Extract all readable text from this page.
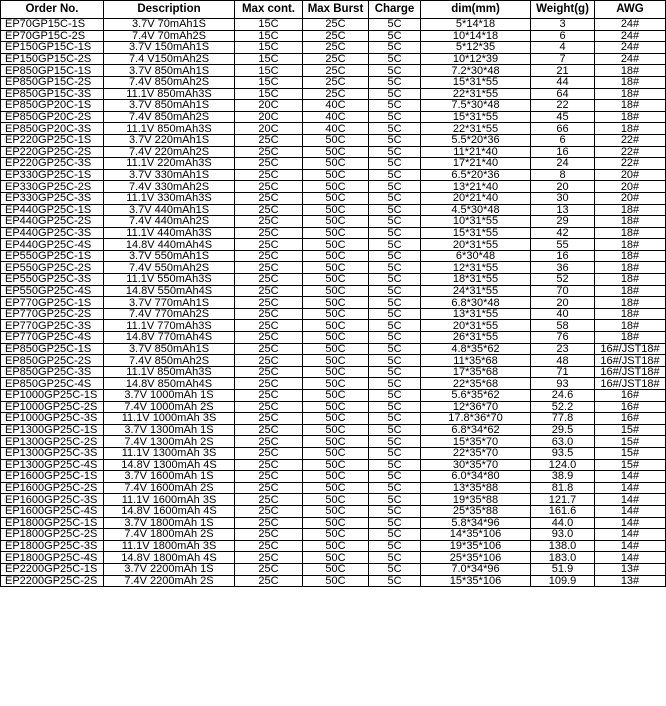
Order No.	Description	Max cont.	Max Burst	Charge	dim(mm)	Weight(g)	AWG
EP70GP15C-1S	3.7V 70mAh1S	15C	25C	5C	5*14*18	3	24#
EP70GP15C-2S	7.4V 70mAh2S	15C	25C	5C	10*14*18	6	24#
EP150GP15C-1S	3.7V 150mAh1S	15C	25C	5C	5*12*35	4	24#
EP150GP15C-2S	7.4 V150mAh2S	15C	25C	5C	10*12*39	7	24#
EP850GP15C-1S	3.7V 850mAh1S	15C	25C	5C	7.2*30*48	21	18#
EP850GP15C-2S	7.4V 850mAh2S	15C	25C	5C	15*31*55	44	18#
EP850GP15C-3S	11.1V 850mAh3S	15C	25C	5C	22*31*55	64	18#
EP850GP20C-1S	3.7V 850mAh1S	20C	40C	5C	7.5*30*48	22	18#
EP850GP20C-2S	7.4V 850mAh2S	20C	40C	5C	15*31*55	45	18#
EP850GP20C-3S	11.1V 850mAh3S	20C	40C	5C	22*31*55	66	18#
EP220GP25C-1S	3.7V 220mAh1S	25C	50C	5C	5.5*20*36	6	22#
EP220GP25C-2S	7.4V 220mAh2S	25C	50C	5C	11*21*40	16	22#
EP220GP25C-3S	11.1V 220mAh3S	25C	50C	5C	17*21*40	24	22#
EP330GP25C-1S	3.7V 330mAh1S	25C	50C	5C	6.5*20*36	8	20#
EP330GP25C-2S	7.4V 330mAh2S	25C	50C	5C	13*21*40	20	20#
EP330GP25C-3S	11.1V 330mAh3S	25C	50C	5C	20*21*40	30	20#
EP440GP25C-1S	3.7V 440mAh1S	25C	50C	5C	4.5*30*48	13	18#
EP440GP25C-2S	7.4V 440mAh2S	25C	50C	5C	10*31*55	29	18#
EP440GP25C-3S	11.1V 440mAh3S	25C	50C	5C	15*31*55	42	18#
EP440GP25C-4S	14.8V 440mAh4S	25C	50C	5C	20*31*55	55	18#
EP550GP25C-1S	3.7V 550mAh1S	25C	50C	5C	6*30*48	16	18#
EP550GP25C-2S	7.4V 550mAh2S	25C	50C	5C	12*31*55	36	18#
EP550GP25C-3S	11.1V 550mAh3S	25C	50C	5C	18*31*55	52	18#
EP550GP25C-4S	14.8V 550mAh4S	25C	50C	5C	24*31*55	70	18#
EP770GP25C-1S	3.7V 770mAh1S	25C	50C	5C	6.8*30*48	20	18#
EP770GP25C-2S	7.4V 770mAh2S	25C	50C	5C	13*31*55	40	18#
EP770GP25C-3S	11.1V 770mAh3S	25C	50C	5C	20*31*55	58	18#
EP770GP25C-4S	14.8V 770mAh4S	25C	50C	5C	26*31*55	76	18#
EP850GP25C-1S	3.7V 850mAh1S	25C	50C	5C	4.8*35*62	23	16#/JST18#
EP850GP25C-2S	7.4V 850mAh2S	25C	50C	5C	11*35*68	48	16#/JST18#
EP850GP25C-3S	11.1V 850mAh3S	25C	50C	5C	17*35*68	71	16#/JST18#
EP850GP25C-4S	14.8V 850mAh4S	25C	50C	5C	22*35*68	93	16#/JST18#
EP1000GP25C-1S	3.7V 1000mAh 1S	25C	50C	5C	5.6*35*62	24.6	16#
EP1000GP25C-2S	7.4V 1000mAh 2S	25C	50C	5C	12*36*70	52.2	16#
EP1000GP25C-3S	11.1V 1000mAh 3S	25C	50C	5C	17.8*36*70	77.8	16#
EP1300GP25C-1S	3.7V 1300mAh 1S	25C	50C	5C	6.8*34*62	29.5	15#
EP1300GP25C-2S	7.4V 1300mAh 2S	25C	50C	5C	15*35*70	63.0	15#
EP1300GP25C-3S	11.1V 1300mAh 3S	25C	50C	5C	22*35*70	93.5	15#
EP1300GP25C-4S	14.8V 1300mAh 4S	25C	50C	5C	30*35*70	124.0	15#
EP1600GP25C-1S	3.7V 1600mAh 1S	25C	50C	5C	6.0*34*80	38.9	14#
EP1600GP25C-2S	7.4V 1600mAh 2S	25C	50C	5C	13*35*88	81.8	14#
EP1600GP25C-3S	11.1V 1600mAh 3S	25C	50C	5C	19*35*88	121.7	14#
EP1600GP25C-4S	14.8V 1600mAh 4S	25C	50C	5C	25*35*88	161.6	14#
EP1800GP25C-1S	3.7V 1800mAh 1S	25C	50C	5C	5.8*34*96	44.0	14#
EP1800GP25C-2S	7.4V 1800mAh 2S	25C	50C	5C	14*35*106	93.0	14#
EP1800GP25C-3S	11.1V 1800mAh 3S	25C	50C	5C	19*35*106	138.0	14#
EP1800GP25C-4S	14.8V 1800mAh 4S	25C	50C	5C	25*35*106	183.0	14#
EP2200GP25C-1S	3.7V 2200mAh 1S	25C	50C	5C	7.0*34*96	51.9	13#
EP2200GP25C-2S	7.4V 2200mAh 2S	25C	50C	5C	15*35*106	109.9	13#
